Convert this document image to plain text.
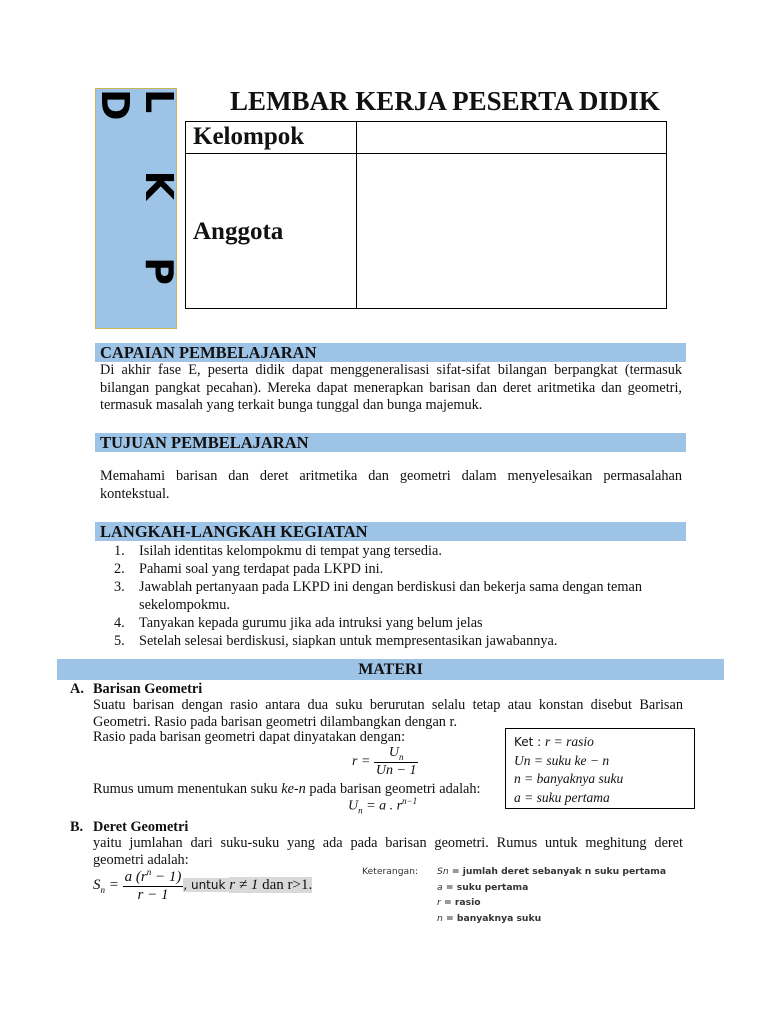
L K P D	LEMBAR KERJA PESERTA DIDIK
Kelompok
Anggota
CAPAIAN PEMBELAJARAN
Di akhir fase E, peserta didik dapat menggeneralisasi sifat-sifat bilangan berpangkat (termasuk bilangan pangkat pecahan). Mereka dapat menerapkan barisan dan deret aritmetika dan geometri, termasuk masalah yang terkait bunga tunggal dan bunga majemuk.
TUJUAN PEMBELAJARAN
Memahami barisan dan deret aritmetika dan geometri dalam menyelesaikan permasalahan kontekstual.
LANGKAH-LANGKAH KEGIATAN
1. Isilah identitas kelompokmu di tempat yang tersedia.
2. Pahami soal yang terdapat pada LKPD ini.
3. Jawablah pertanyaan pada LKPD ini dengan berdiskusi dan bekerja sama dengan teman sekelompokmu.
4. Tanyakan kepada gurumu jika ada intruksi yang belum jelas
5. Setelah selesai berdiskusi, siapkan untuk mempresentasikan jawabannya.
MATERI
A. Barisan Geometri
Suatu barisan dengan rasio antara dua suku berurutan selalu tetap atau konstan disebut Barisan Geometri. Rasio pada barisan geometri dilambangkan dengan r.
Rasio pada barisan geometri dapat dinyatakan dengan:
$r = \frac{U_n}{Un - 1}$
Rumus umum menentukan suku ke-n pada barisan geometri adalah:
$U_n = a$ . $r^{n-1}$
Ket : r = rasio
Un = suku ke − n
n = banyaknya suku
a = suku pertama
B. Deret Geometri
yaitu jumlahan dari suku-suku yang ada pada barisan geometri. Rumus untuk meghitung deret geometri adalah:
$S_n = \frac{a (r^n - 1)}{r - 1}$ , untuk r ≠ 1 dan r>1.
Keterangan: Sn = jumlah deret sebanyak n suku pertama
a = suku pertama
r = rasio
n = banyaknya suku
